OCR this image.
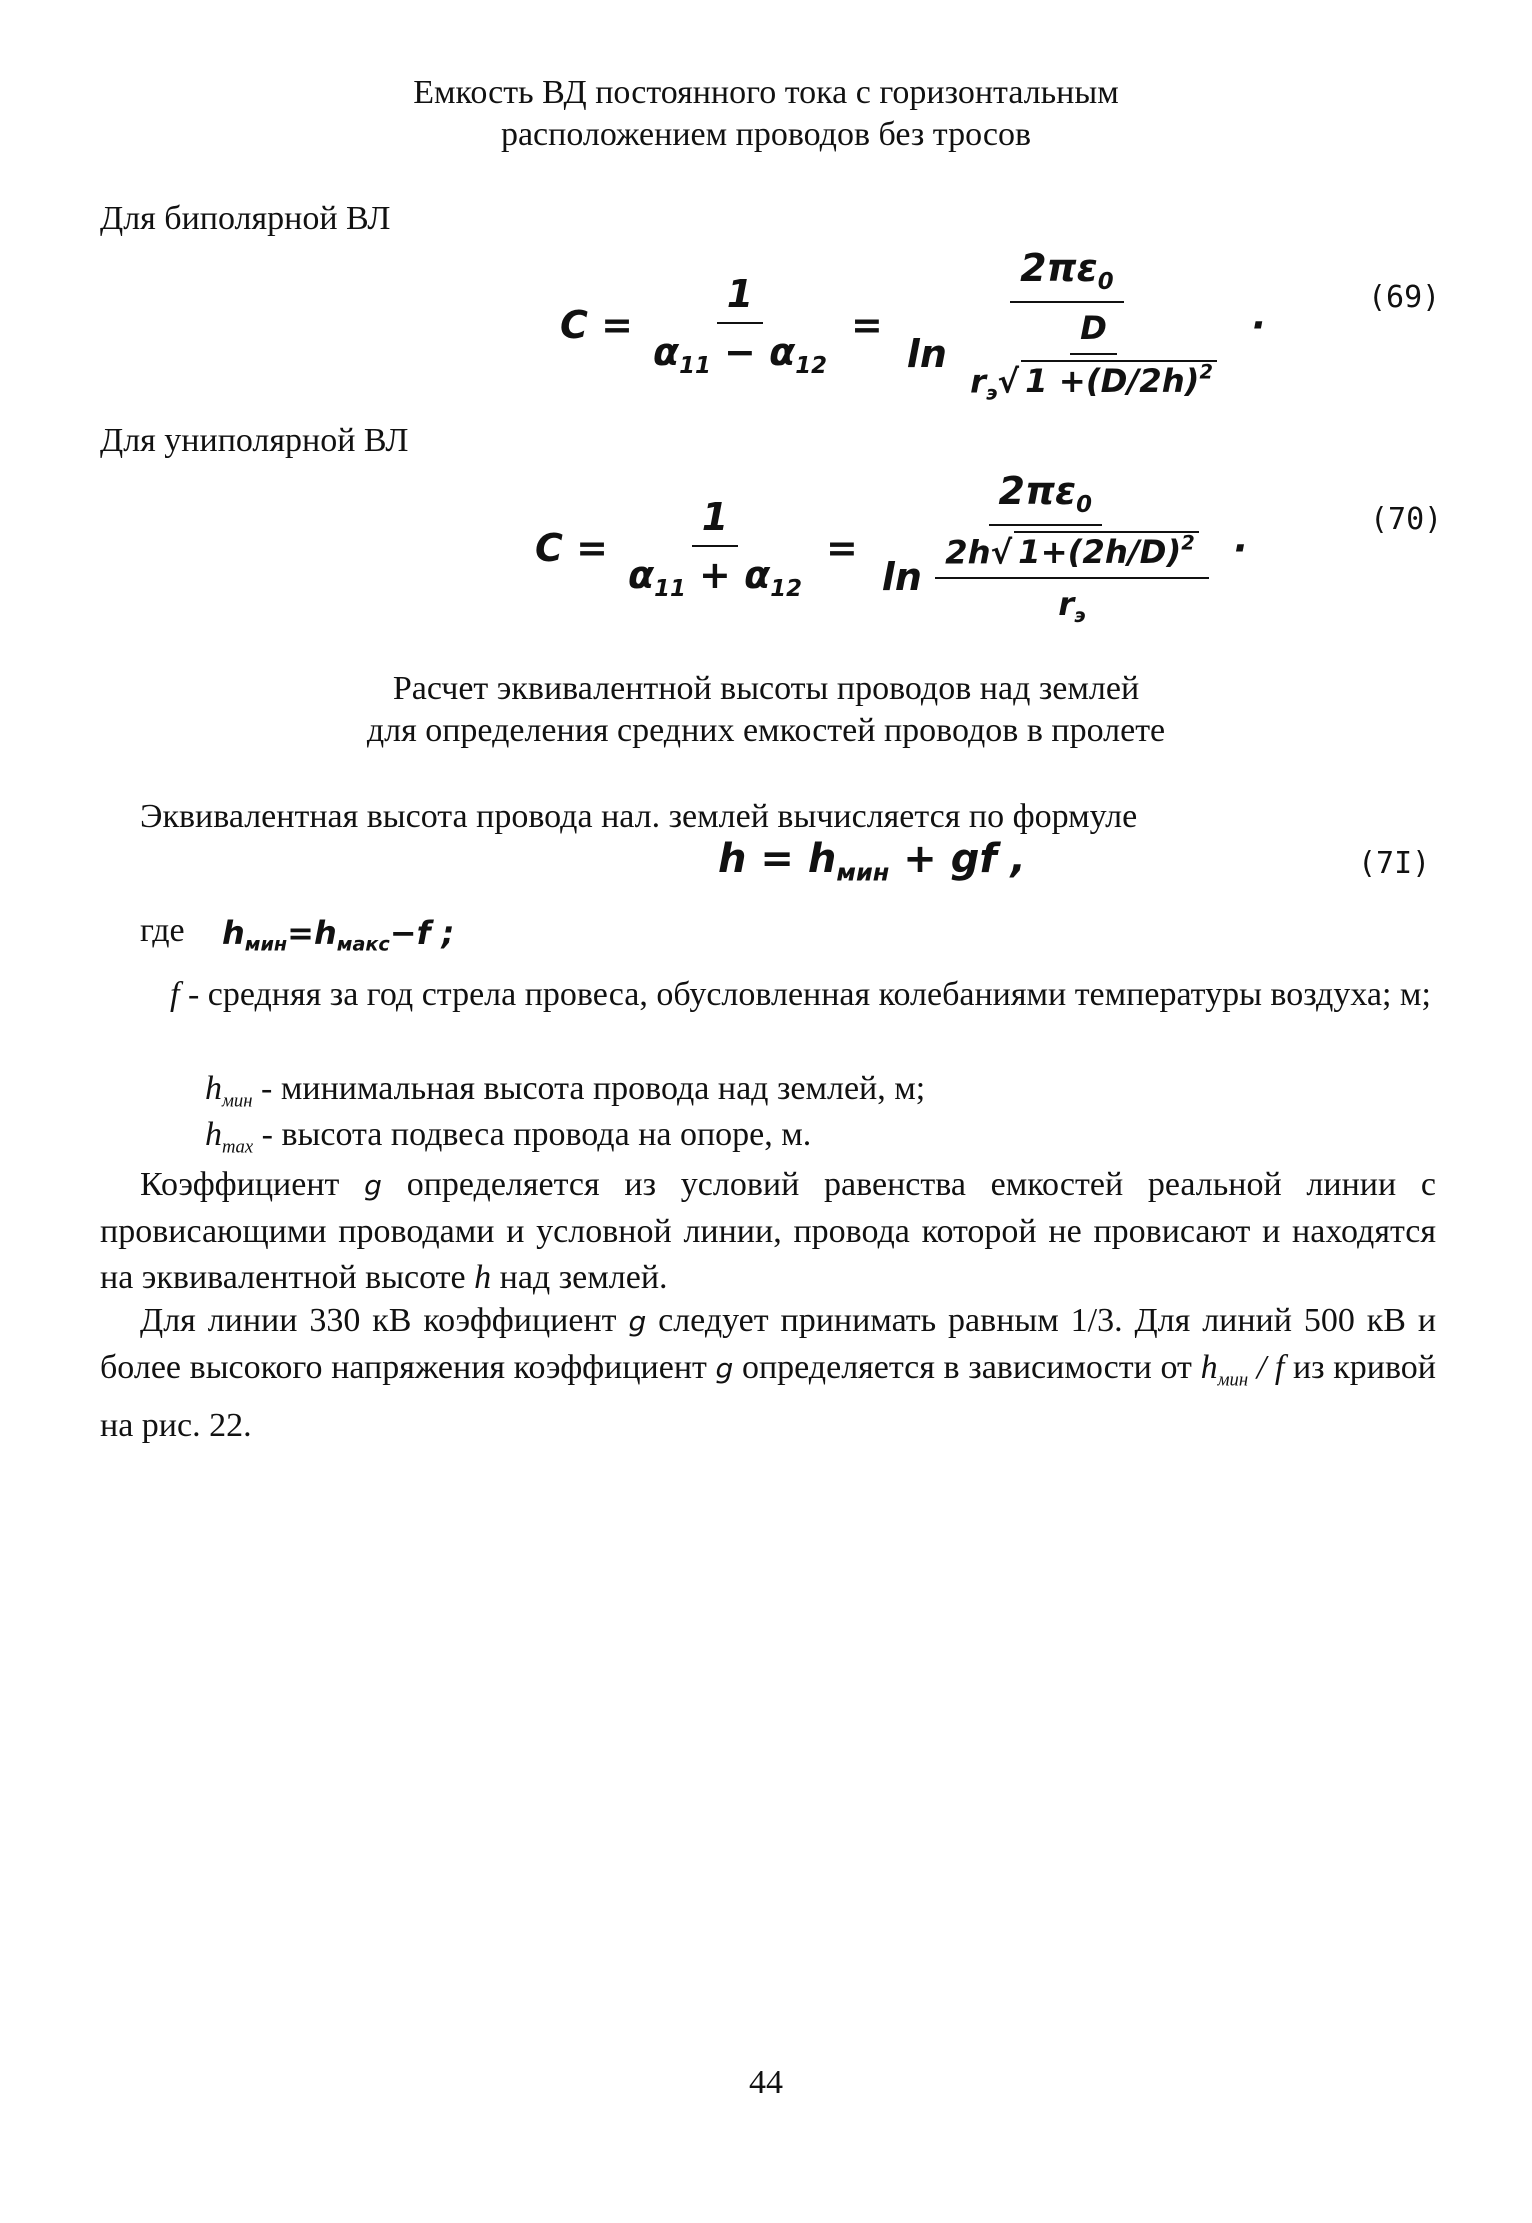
Емкость ВД постоянного тока с горизонтальным
расположением проводов без тросов
Для биполярной ВЛ
$C = \frac{1}{\alpha_{11} - \alpha_{12}} = \frac{2\pi\varepsilon_0}{\ln \frac{D}{r_э√ 1 +(D/2h)^2}}$ ·
(69)
Для униполярной ВЛ
$C = \frac{1}{\alpha_{11} + \alpha_{12}} = \frac{2\pi\varepsilon_0}{\ln \frac{2h√ 1+(2h/D)^2}{r_э}}$ ·
(70)
Расчет эквивалентной высоты проводов над землей
для определения средних емкостей проводов в пролете
Эквивалентная высота провода нал. землей вычисляется по формуле
$h = h_{мин}$ + gf ,	(7I)
где $h_{мин}=h_{макс}-f$ ;
f - средняя за год стрела провеса, обусловленная колебаниями температуры воздуха; м;
$h_{мин}$ - минимальная высота провода над землей, м;
$h_{max}$ - высота подвеса провода на опоре, м.
Коэффициент g определяется из условий равенства емкостей реальной линии с провисающими проводами и условной линии, провода которой не провисают и находятся на эквивалентной высоте h над землей.
Для линии 330 кВ коэффициент g следует принимать равным 1/3. Для линий 500 кВ и более высокого напряжения коэффициент g определяется в зависимости от $h_{мин}$ / f из кривой на рис. 22.
44
